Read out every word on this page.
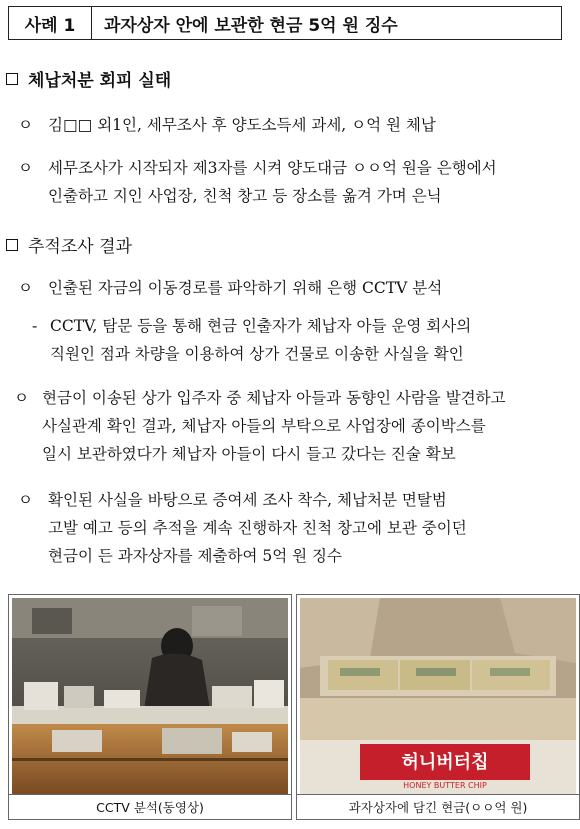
사례 1	과자상자 안에 보관한 현금 5억 원 징수
체납처분 회피 실태
ㅇ 김□□ 외1인, 세무조사 후 양도소득세 과세, ㅇ억 원 체납
ㅇ 세무조사가 시작되자 제3자를 시켜 양도대금 ㅇㅇ억 원을 은행에서
인출하고 지인 사업장, 친척 창고 등 장소를 옮겨 가며 은닉
추적조사 결과
ㅇ 인출된 자금의 이동경로를 파악하기 위해 은행 CCTV 분석
- CCTV, 탐문 등을 통해 현금 인출자가 체납자 아들 운영 회사의
직원인 점과 차량을 이용하여 상가 건물로 이송한 사실을 확인
ㅇ 현금이 이송된 상가 입주자 중 체납자 아들과 동향인 사람을 발견하고
사실관계 확인 결과, 체납자 아들의 부탁으로 사업장에 종이박스를
일시 보관하였다가 체납자 아들이 다시 들고 갔다는 진술 확보
ㅇ 확인된 사실을 바탕으로 증여세 조사 착수, 체납처분 면탈범
고발 예고 등의 추적을 계속 진행하자 친척 창고에 보관 중이던
현금이 든 과자상자를 제출하여 5억 원 징수
CCTV 분석(동영상)
허니버터칩
HONEY BUTTER CHIP
과자상자에 담긴 현금(ㅇㅇ억 원)
